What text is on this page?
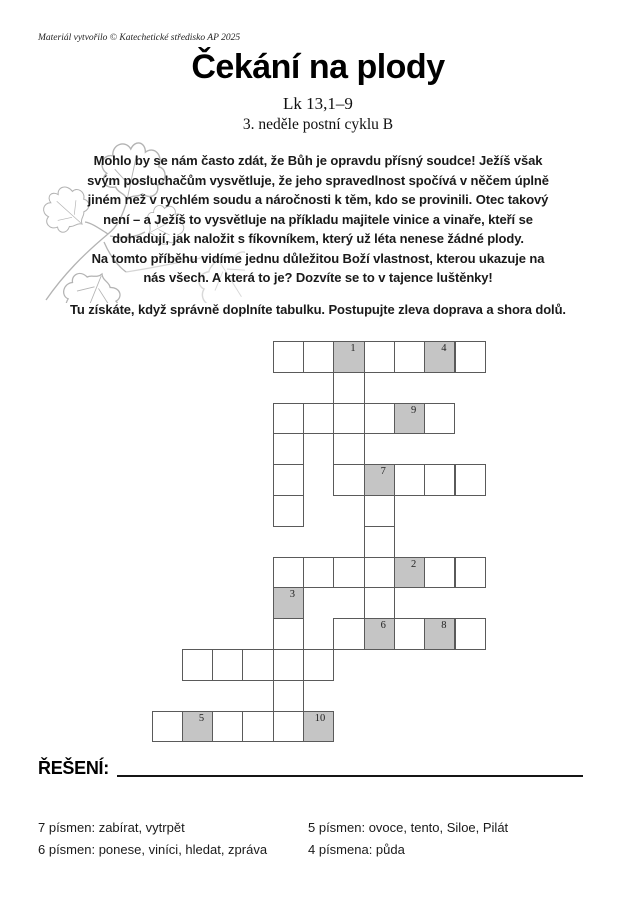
Materiál vytvořilo © Katechetické středisko AP 2025
Čekání na plody
Lk 13,1–9
3. neděle postní cyklu B
Mohlo by se nám často zdát, že Bůh je opravdu přísný soudce! Ježíš však
svým posluchačům vysvětluje, že jeho spravedlnost spočívá v něčem úplně
jiném než v rychlém soudu a náročnosti k těm, kdo se provinili. Otec takový
není – a Ježíš to vysvětluje na příkladu majitele vinice a vinaře, kteří se
dohadují, jak naložit s fíkovníkem, který už léta nenese žádné plody.
Na tomto příběhu vidíme jednu důležitou Boží vlastnost, kterou ukazuje na
nás všech. A která to je? Dozvíte se to v tajence luštěnky!
Tu získáte, když správně doplníte tabulku. Postupujte zleva doprava a shora dolů.
1	4
9
7
2
3
6	8
5	10
ŘEŠENÍ:
7 písmen: zabírat, vytrpět
6 písmen: ponese, viníci, hledat, zpráva
5 písmen: ovoce, tento, Siloe, Pilát
4 písmena: půda
